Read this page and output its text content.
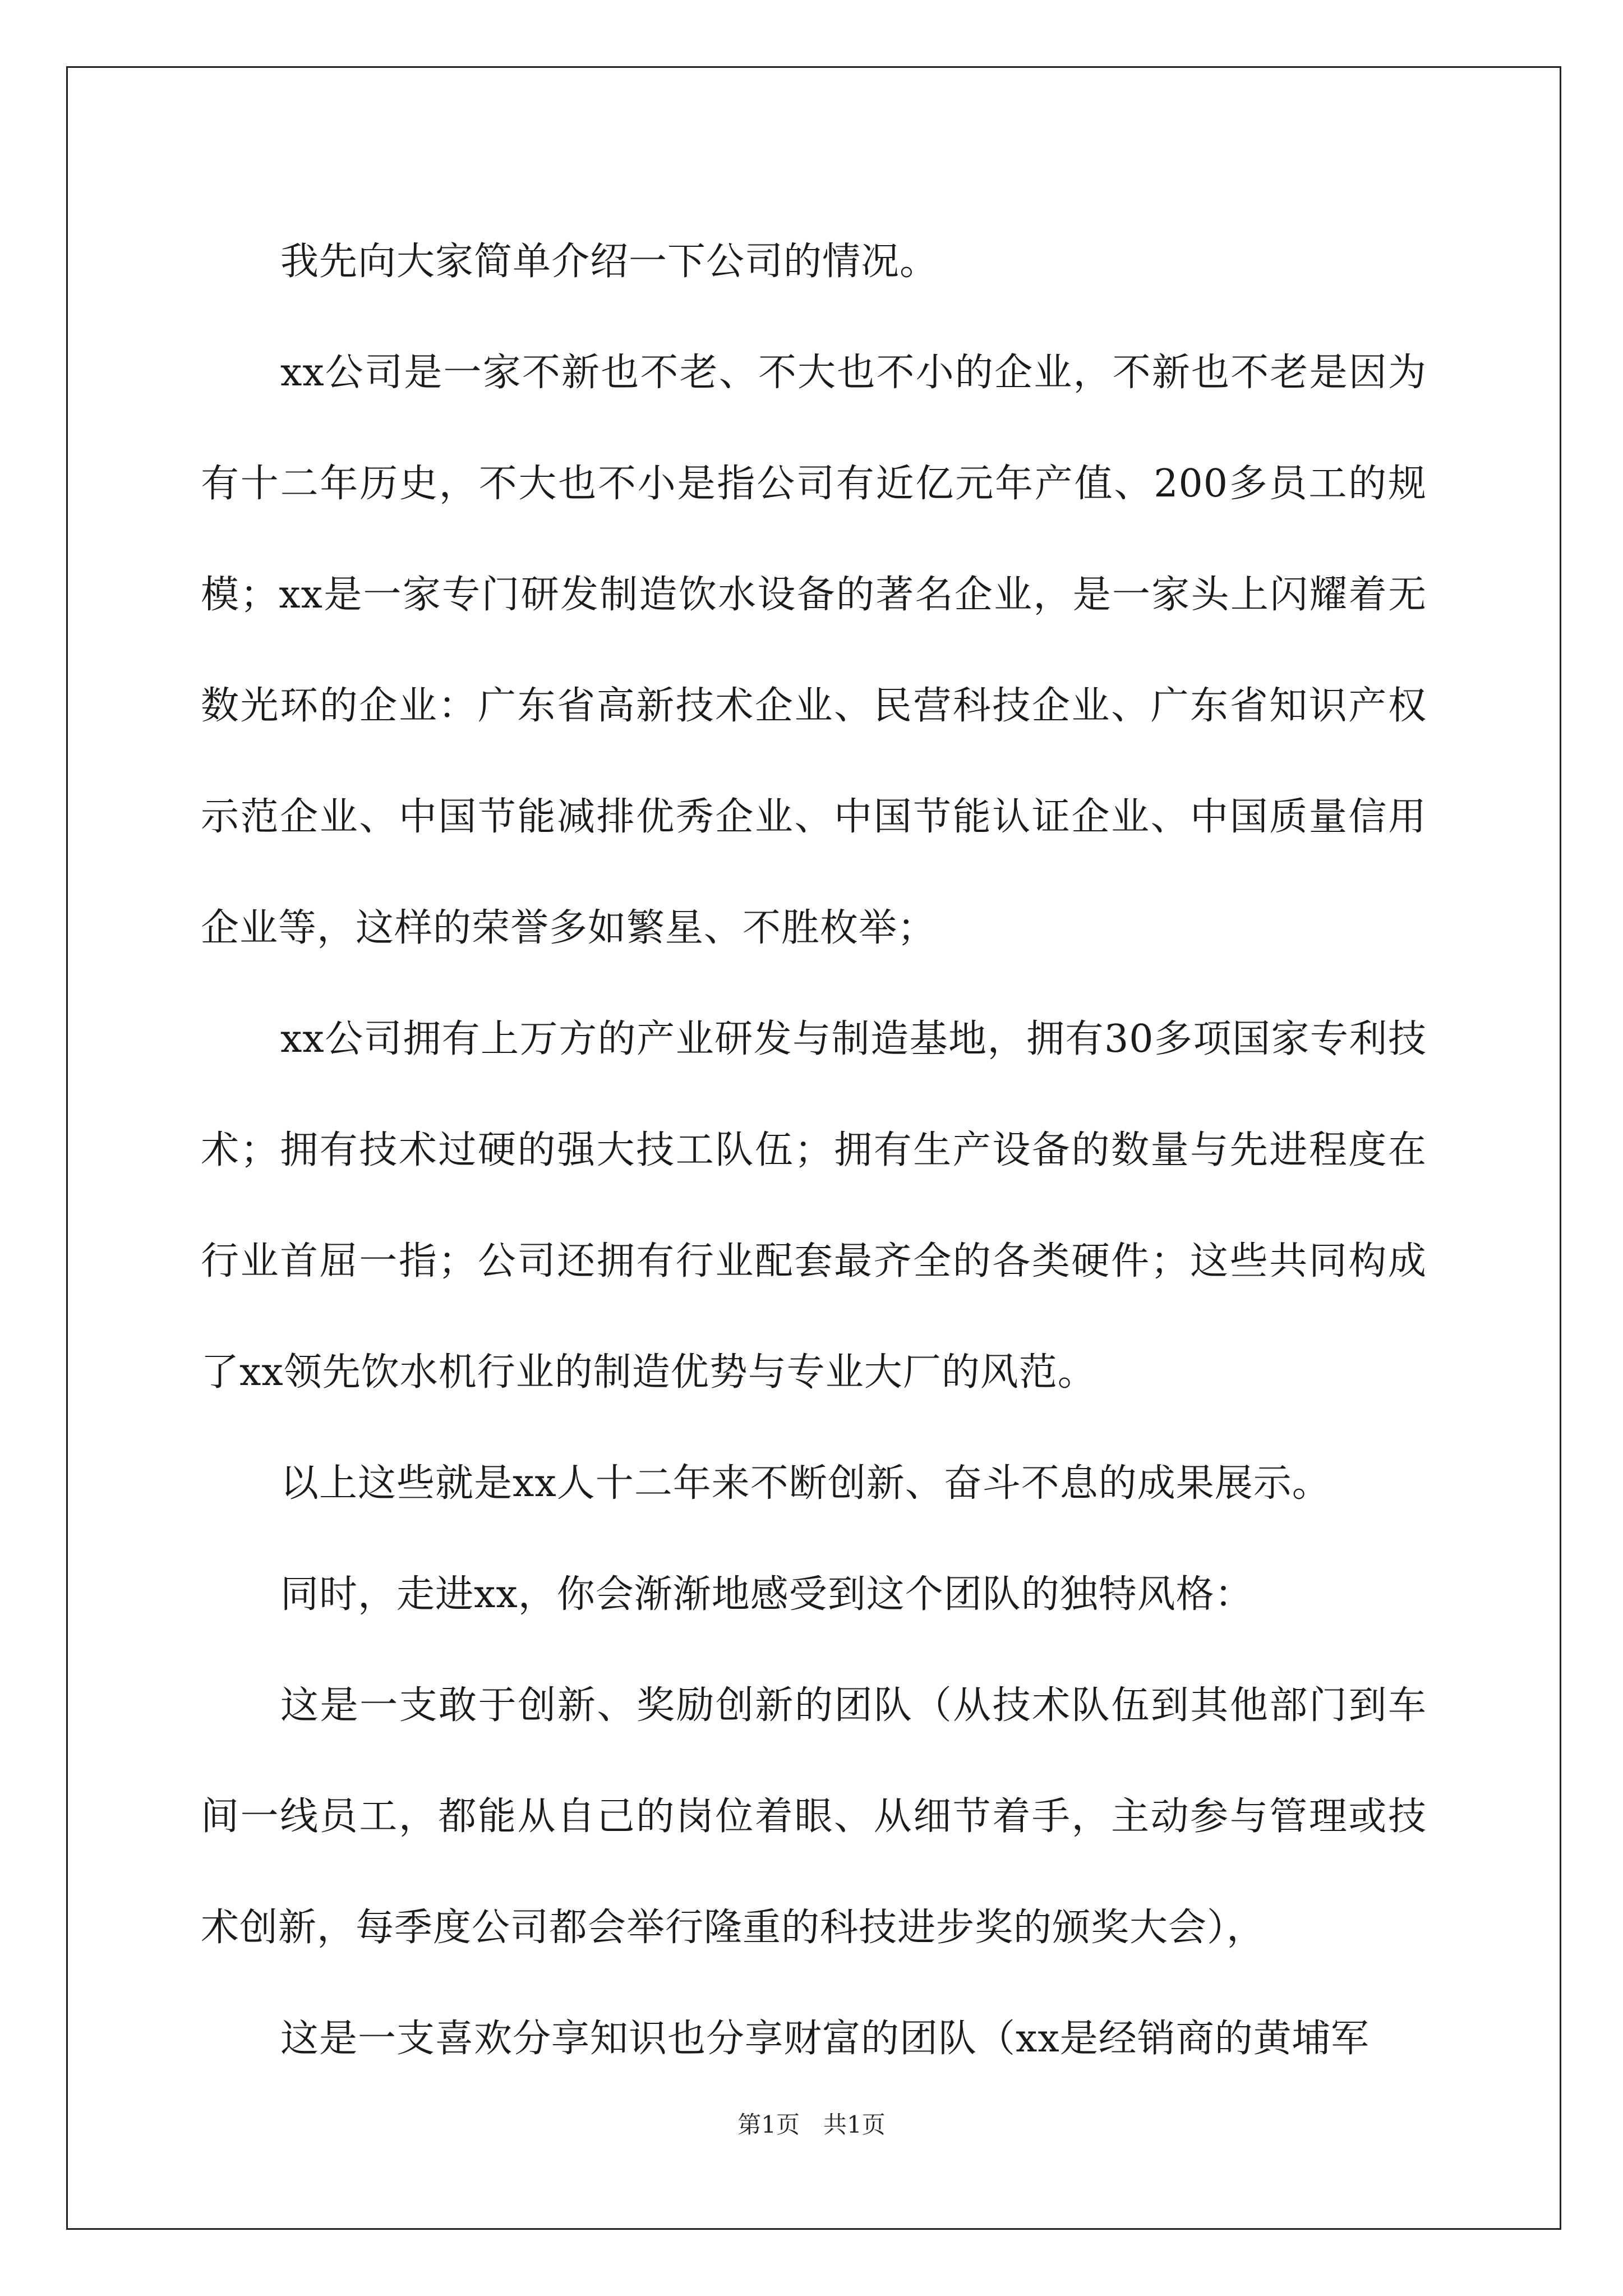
我先向大家简单介绍一下公司的情况。

xx公司是一家不新也不老、不大也不小的企业，不新也不老是因为有十二年历史，不大也不小是指公司有近亿元年产值、200多员工的规模；xx是一家专门研发制造饮水设备的著名企业，是一家头上闪耀着无数光环的企业：广东省高新技术企业、民营科技企业、广东省知识产权示范企业、中国节能减排优秀企业、中国节能认证企业、中国质量信用企业等，这样的荣誉多如繁星、不胜枚举；

xx公司拥有上万方的产业研发与制造基地，拥有30多项国家专利技术；拥有技术过硬的强大技工队伍；拥有生产设备的数量与先进程度在行业首屈一指；公司还拥有行业配套最齐全的各类硬件；这些共同构成了xx领先饮水机行业的制造优势与专业大厂的风范。

以上这些就是xx人十二年来不断创新、奋斗不息的成果展示。

同时，走进xx，你会渐渐地感受到这个团队的独特风格：

这是一支敢于创新、奖励创新的团队（从技术队伍到其他部门到车间一线员工，都能从自己的岗位着眼、从细节着手，主动参与管理或技术创新，每季度公司都会举行隆重的科技进步奖的颁奖大会），

这是一支喜欢分享知识也分享财富的团队（xx是经销商的黄埔军

第1页　共1页
